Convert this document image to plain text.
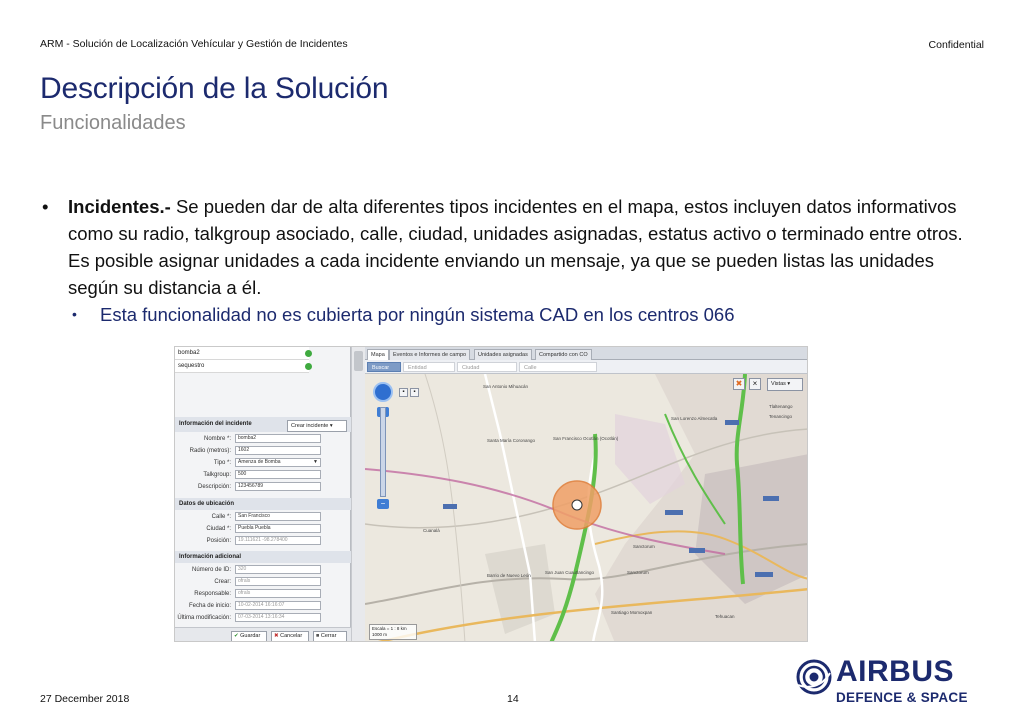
ARM - Solución de Localización Vehícular y Gestión de Incidentes	Confidential
Descripción de la Solución
Funcionalidades
•	Incidentes.- Se pueden dar de alta diferentes tipos incidentes en el mapa, estos incluyen datos informativos como su radio, talkgroup asociado, calle, ciudad, unidades asignadas, estatus activo o terminado entre otros. Es posible asignar unidades a cada incidente enviando un mensaje, ya que se pueden listas las unidades según su distancia a él.
•	Esta funcionalidad no es cubierta por ningún sistema CAD en los centros 066
bomba2
sequestro
Información del incidente	Crear incidente ▾
Nombre *:	bomba2
Radio (metros):	1602
Tipo *:	Amenza de Bomba	▼
Talkgroup:	500
Descripción:	123456789
Datos de ubicación
Calle *:	San Francisco
Ciudad *:	Puebla Puebla
Posición:	19.111621 -98.278400
Información adicional
Número de ID:	320
Crear:	ofrals
Responsable:	ofrals
Fecha de inicio:	10-02-2014 16:16:07
Última modificación:	07-03-2014 13:16:34
✔ Guardar	✖ Cancelar	■ Cerrar
Mapa	Eventos e Informes de campo	Unidades asignadas	Compartido con CO
Buscar	Entidad	Ciudad	Calle
−
▪	▪
✖	×	Vistas ▾
San Antonio Mihuacán
Santa María Coronango	San Francisco Ocotlán (Ocotlán)
Cuanalá
Barrio de Nuevo León
San Juan Cuautlancingo
Sanctorum
San Lorenzo Almecatla
Tlaltenango
Sanctorum
Santiago Momoxpan
Tehuacan
Tenancingo
Escala = 1 : 8 km
1000 m
AIRBUS
DEFENCE & SPACE
27 December 2018	14
